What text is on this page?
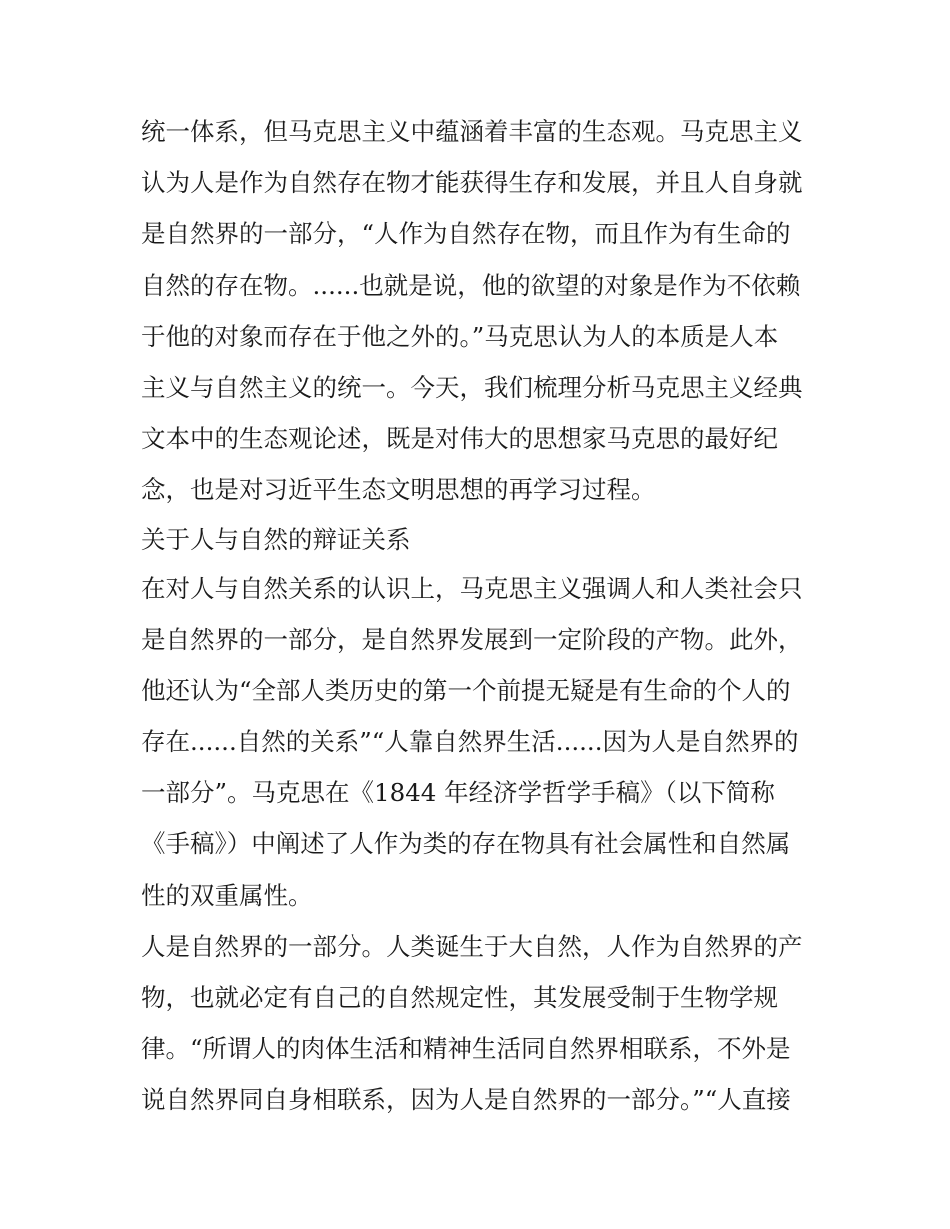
统一体系，但马克思主义中蕴涵着丰富的生态观。马克思主义
认为人是作为自然存在物才能获得生存和发展，并且人自身就
是自然界的一部分，“人作为自然存在物，而且作为有生命的
自然的存在物。......也就是说，他的欲望的对象是作为不依赖
于他的对象而存在于他之外的。”马克思认为人的本质是人本
主义与自然主义的统一。今天，我们梳理分析马克思主义经典
文本中的生态观论述，既是对伟大的思想家马克思的最好纪
念，也是对习近平生态文明思想的再学习过程。
关于人与自然的辩证关系
在对人与自然关系的认识上，马克思主义强调人和人类社会只
是自然界的一部分，是自然界发展到一定阶段的产物。此外，
他还认为“全部人类历史的第一个前提无疑是有生命的个人的
存在......自然的关系”“人靠自然界生活......因为人是自然界的
一部分”。马克思在《1844 年经济学哲学手稿》（以下简称
《手稿》）中阐述了人作为类的存在物具有社会属性和自然属
性的双重属性。
人是自然界的一部分。人类诞生于大自然，人作为自然界的产
物，也就必定有自己的自然规定性，其发展受制于生物学规
律。“所谓人的肉体生活和精神生活同自然界相联系，不外是
说自然界同自身相联系，因为人是自然界的一部分。”“人直接
